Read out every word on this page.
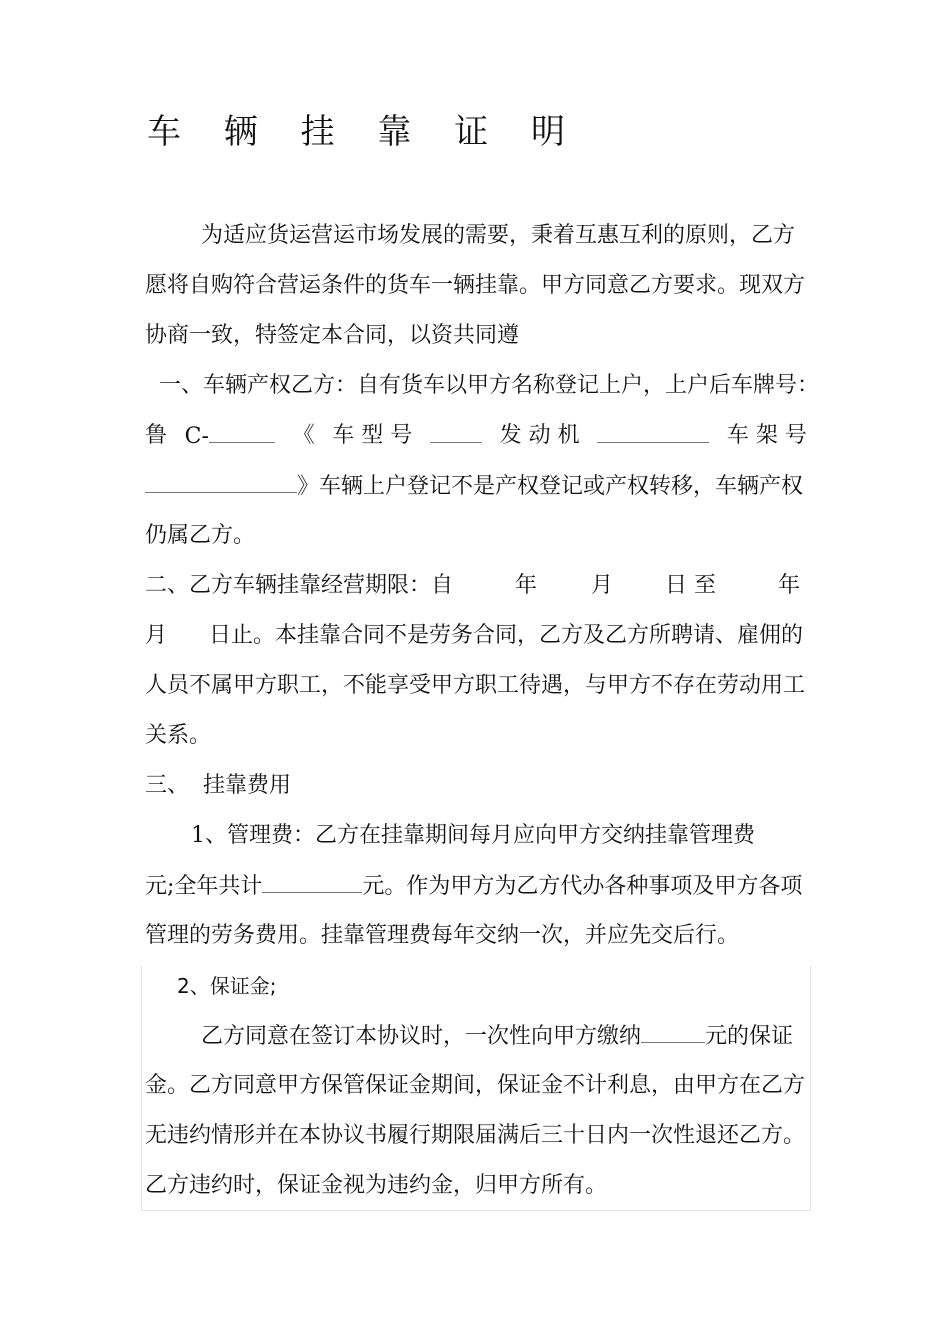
车 辆 挂 靠 证 明
为适应货运营运市场发展的需要，秉着互惠互利的原则，乙方
愿将自购符合营运条件的货车一辆挂靠。甲方同意乙方要求。现双方
协商一致，特签定本合同，以资共同遵
一、车辆产权乙方：自有货车以甲方名称登记上户，上户后车牌号：
鲁 C-	《 车 型 号	发 动 机	车 架 号
》车辆上户登记不是产权登记或产权转移，车辆产权
仍属乙方。
二、乙方车辆挂靠经营期限：自	年 月 日 至	年
月 日止。本挂靠合同不是劳务合同，乙方及乙方所聘请、雇佣的
人员不属甲方职工，不能享受甲方职工待遇，与甲方不存在劳动用工
关系。
三、 挂靠费用
1、管理费：乙方在挂靠期间每月应向甲方交纳挂靠管理费
元;全年共计	元。作为甲方为乙方代办各种事项及甲方各项
管理的劳务费用。挂靠管理费每年交纳一次，并应先交后行。
2、保证金;
乙方同意在签订本协议时，一次性向甲方缴纳	元的保证
金。乙方同意甲方保管保证金期间，保证金不计利息，由甲方在乙方
无违约情形并在本协议书履行期限届满后三十日内一次性退还乙方。
乙方违约时，保证金视为违约金，归甲方所有。
